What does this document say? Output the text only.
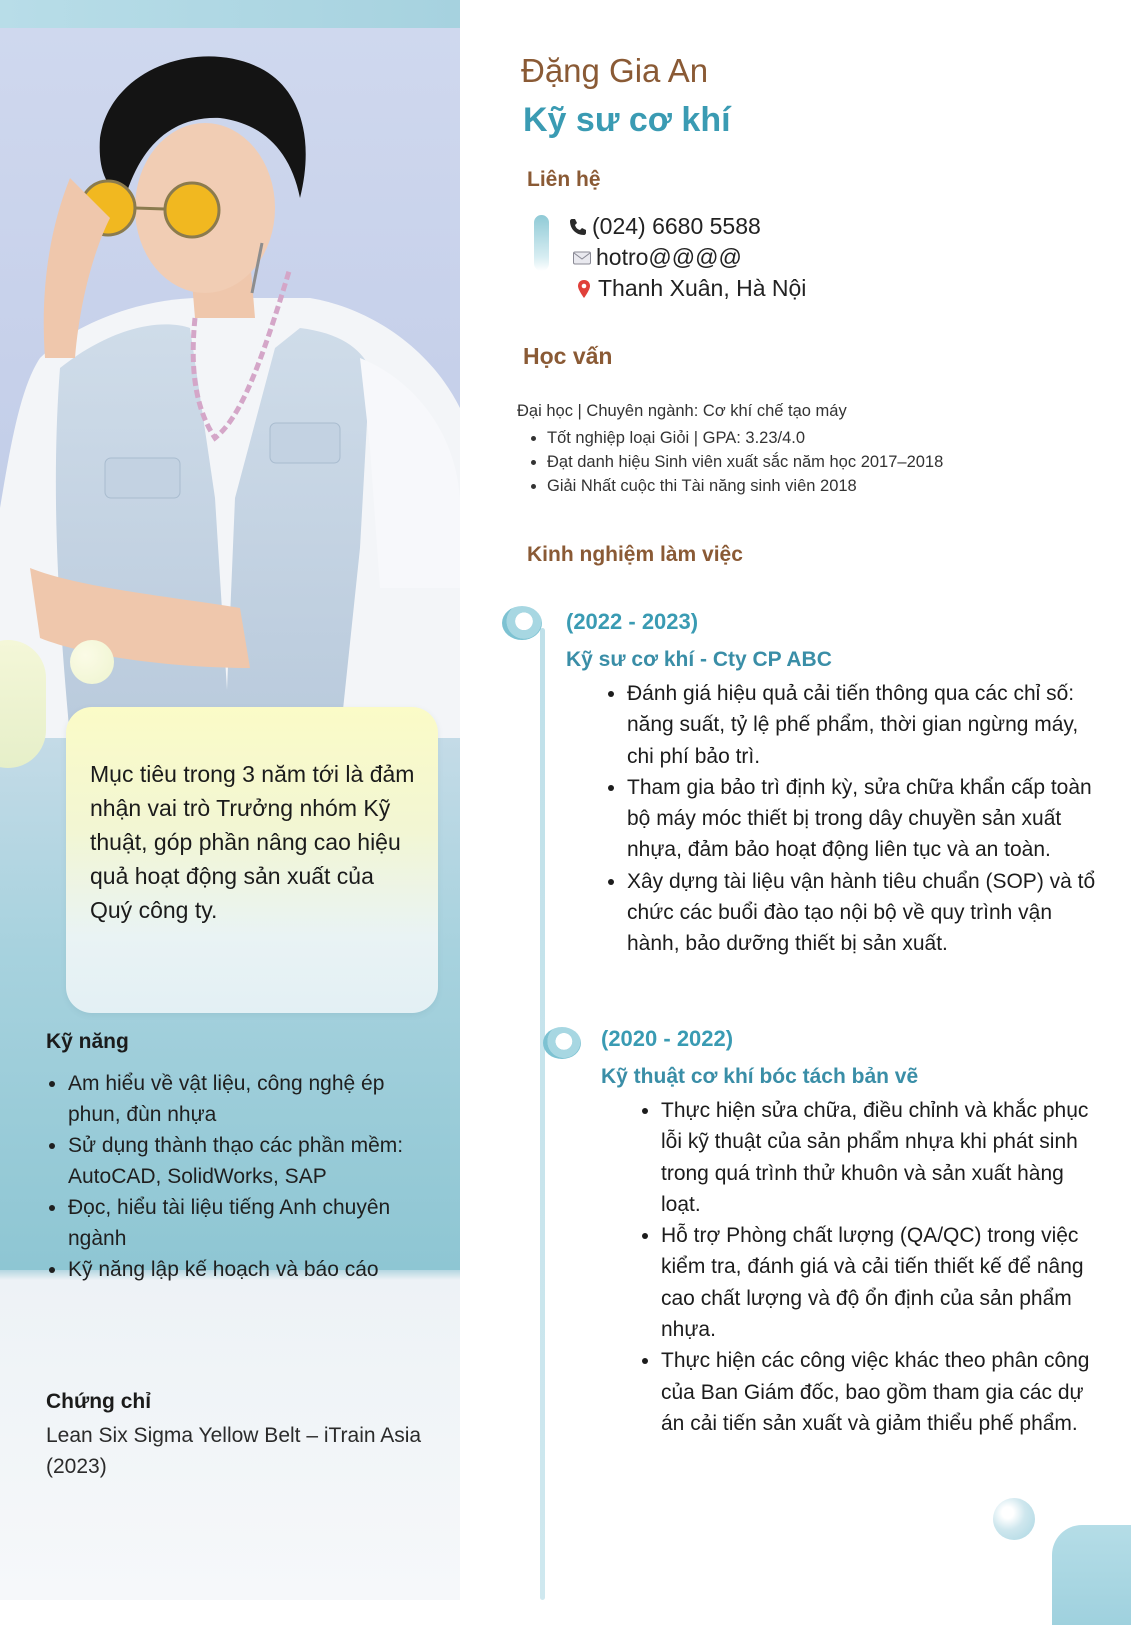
Mục tiêu trong 3 năm tới là đảm nhận vai trò Trưởng nhóm Kỹ thuật, góp phần nâng cao hiệu quả hoạt động sản xuất của Quý công ty.
Kỹ năng
• Am hiểu về vật liệu, công nghệ ép phun, đùn nhựa
• Sử dụng thành thạo các phần mềm: AutoCAD, SolidWorks, SAP
• Đọc, hiểu tài liệu tiếng Anh chuyên ngành
• Kỹ năng lập kế hoạch và báo cáo
Chứng chỉ
Lean Six Sigma Yellow Belt – iTrain Asia (2023)
Đặng Gia An
Kỹ sư cơ khí
Liên hệ
(024) 6680 5588
hotro@@@@
Thanh Xuân, Hà Nội
Học vấn
Đại học | Chuyên ngành: Cơ khí chế tạo máy
• Tốt nghiệp loại Giỏi | GPA: 3.23/4.0
• Đạt danh hiệu Sinh viên xuất sắc năm học 2017–2018
• Giải Nhất cuộc thi Tài năng sinh viên 2018
Kinh nghiệm làm việc
(2022 - 2023)
Kỹ sư cơ khí - Cty CP ABC
• Đánh giá hiệu quả cải tiến thông qua các chỉ số: năng suất, tỷ lệ phế phẩm, thời gian ngừng máy, chi phí bảo trì.
• Tham gia bảo trì định kỳ, sửa chữa khẩn cấp toàn bộ máy móc thiết bị trong dây chuyền sản xuất nhựa, đảm bảo hoạt động liên tục và an toàn.
• Xây dựng tài liệu vận hành tiêu chuẩn (SOP) và tổ chức các buổi đào tạo nội bộ về quy trình vận hành, bảo dưỡng thiết bị sản xuất.
(2020 - 2022)
Kỹ thuật cơ khí bóc tách bản vẽ
• Thực hiện sửa chữa, điều chỉnh và khắc phục lỗi kỹ thuật của sản phẩm nhựa khi phát sinh trong quá trình thử khuôn và sản xuất hàng loạt.
• Hỗ trợ Phòng chất lượng (QA/QC) trong việc kiểm tra, đánh giá và cải tiến thiết kế để nâng cao chất lượng và độ ổn định của sản phẩm nhựa.
• Thực hiện các công việc khác theo phân công của Ban Giám đốc, bao gồm tham gia các dự án cải tiến sản xuất và giảm thiểu phế phẩm.
